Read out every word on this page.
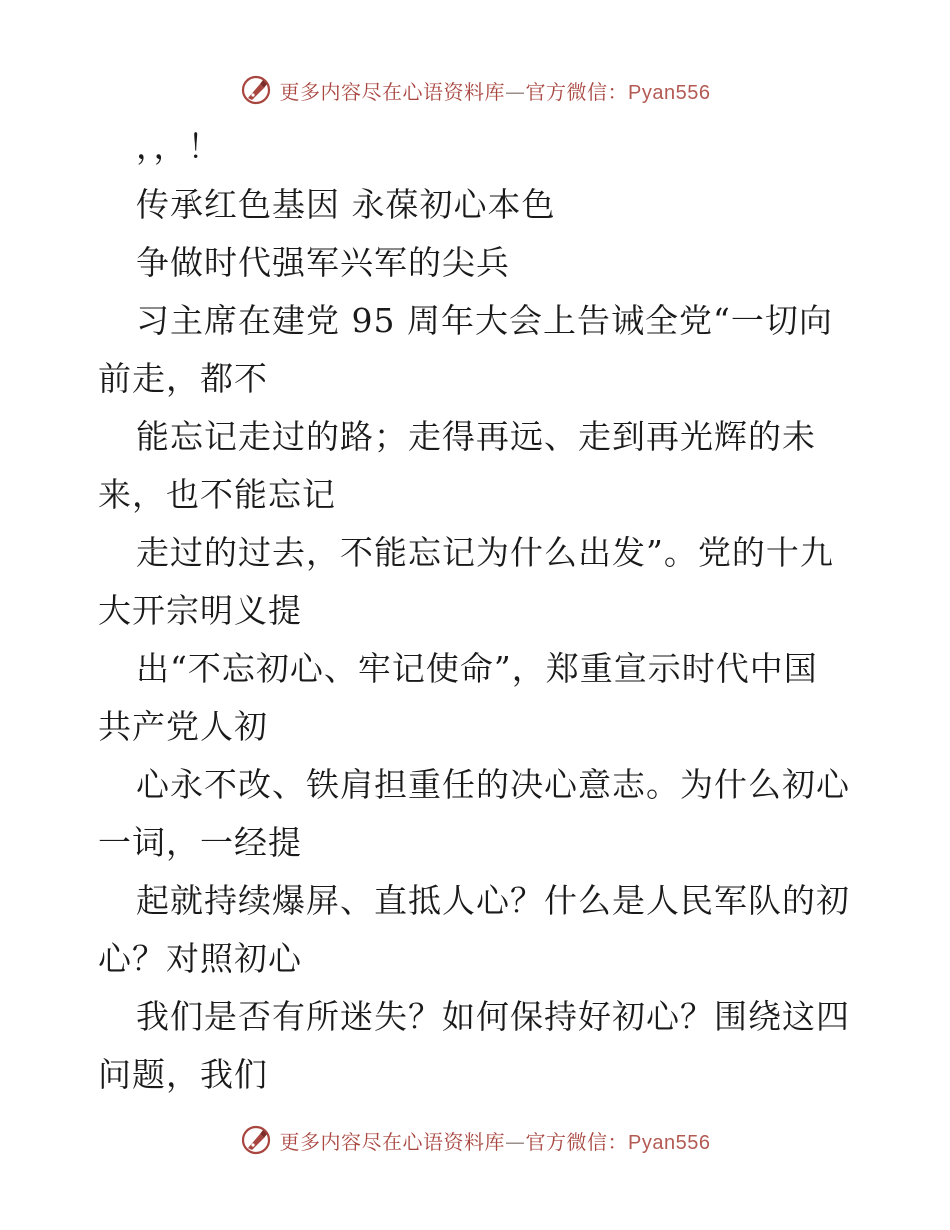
更多内容尽在心语资料库—官方微信：Pyan556
，，！
传承红色基因 永葆初心本色
争做时代强军兴军的尖兵
习主席在建党 95 周年大会上告诫全党“一切向
前走，都不
能忘记走过的路；走得再远、走到再光辉的未
来，也不能忘记
走过的过去，不能忘记为什么出发”。党的十九
大开宗明义提
出“不忘初心、牢记使命”，郑重宣示时代中国
共产党人初
心永不改、铁肩担重任的决心意志。为什么初心
一词，一经提
起就持续爆屏、直抵人心？什么是人民军队的初
心？对照初心
我们是否有所迷失？如何保持好初心？围绕这四
问题，我们
更多内容尽在心语资料库—官方微信：Pyan556
